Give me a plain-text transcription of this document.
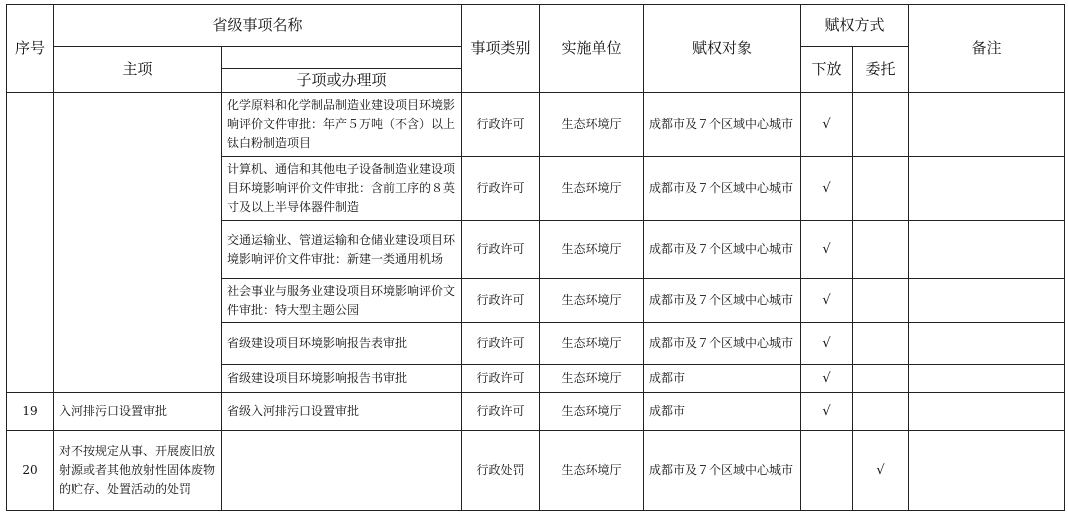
序号	省级事项名称		事项类别	实施单位	赋权对象	赋权方式		备注
	主项					下放	委托	
		子项或办理项						
		化学原料和化学制品制造业建设项目环境影响评价文件审批：年产５万吨（不含）以上钛白粉制造项目	行政许可	生态环境厅	成都市及７个区域中心城市	√		
		计算机、通信和其他电子设备制造业建设项目环境影响评价文件审批：含前工序的８英寸及以上半导体器件制造	行政许可	生态环境厅	成都市及７个区域中心城市	√		
		交通运输业、管道运输和仓储业建设项目环境影响评价文件审批：新建一类通用机场	行政许可	生态环境厅	成都市及７个区域中心城市	√		
		社会事业与服务业建设项目环境影响评价文件审批：特大型主题公园	行政许可	生态环境厅	成都市及７个区域中心城市	√		
		省级建设项目环境影响报告表审批	行政许可	生态环境厅	成都市及７个区域中心城市	√		
		省级建设项目环境影响报告书审批	行政许可	生态环境厅	成都市	√		
19	入河排污口设置审批	省级入河排污口设置审批	行政许可	生态环境厅	成都市	√		
20	对不按规定从事、开展废旧放射源或者其他放射性固体废物的贮存、处置活动的处罚		行政处罚	生态环境厅	成都市及７个区域中心城市		√	
